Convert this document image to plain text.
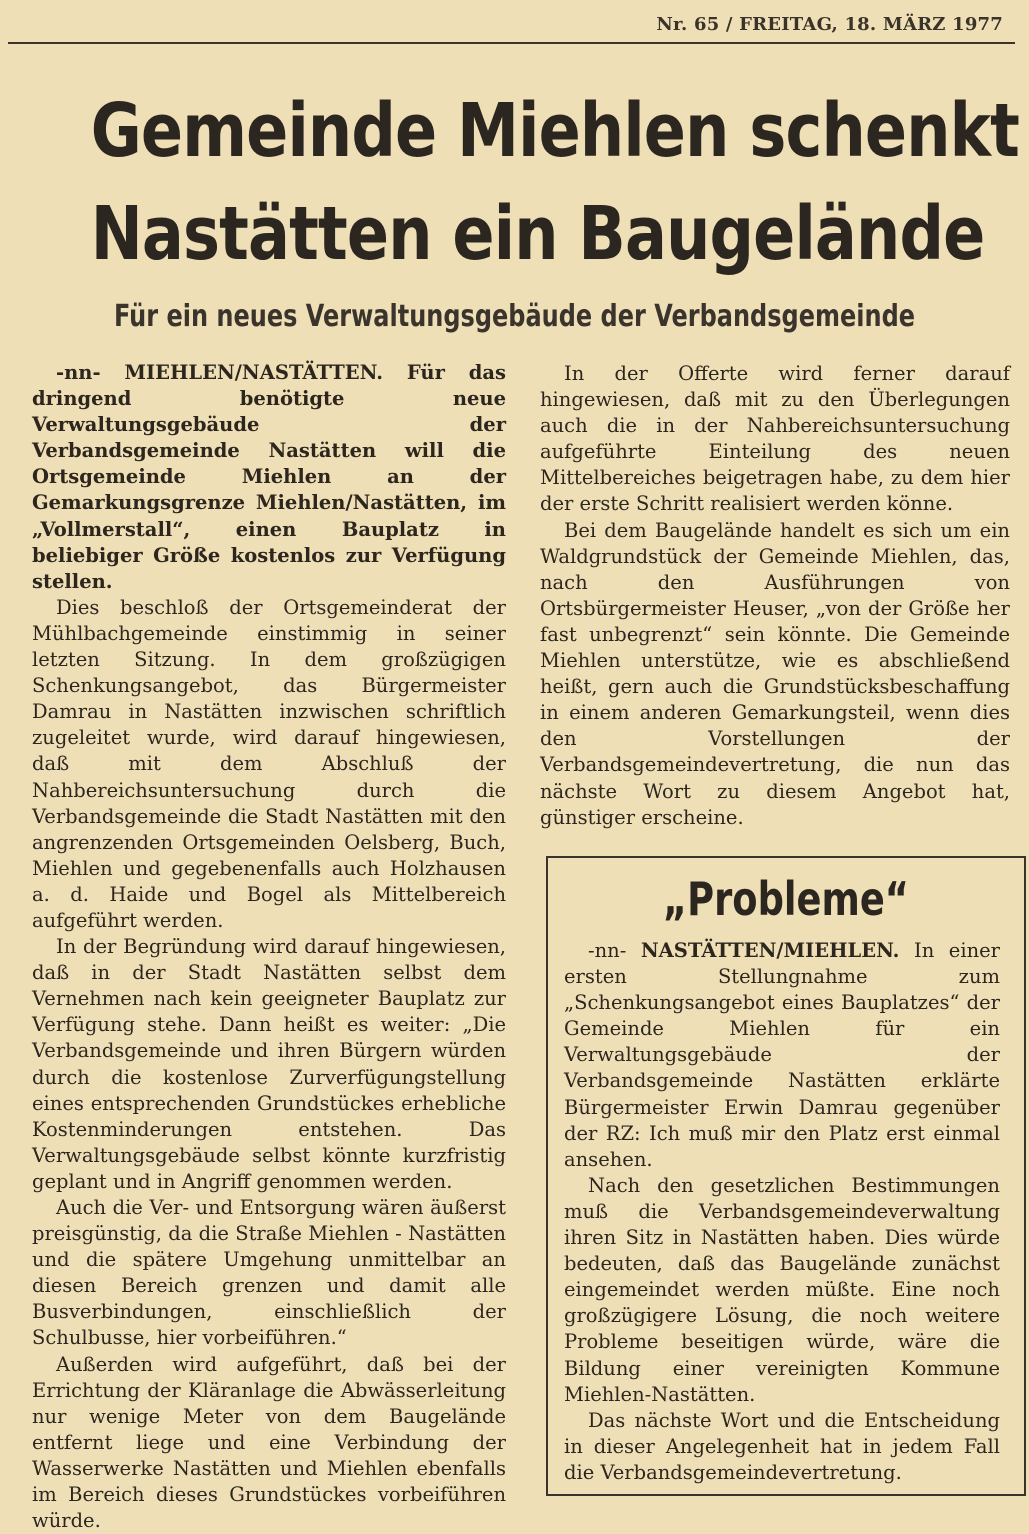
Nr. 65 / FREITAG, 18. MÄRZ 1977
Gemeinde Miehlen schenkt
Nastätten ein Baugelände
Für ein neues Verwaltungsgebäude der Verbandsgemeinde

-nn- MIEHLEN/NASTÄTTEN. Für das dringend benötigte neue Verwaltungsgebäude der Verbandsgemeinde Nastätten will die Ortsgemeinde Miehlen an der Gemarkungsgrenze Miehlen/Nastätten, im „Vollmerstall“, einen Bauplatz in beliebiger Größe kostenlos zur Verfügung stellen.

Dies beschloß der Ortsgemeinderat der Mühlbachgemeinde einstimmig in seiner letzten Sitzung. In dem großzügigen Schenkungsangebot, das Bürgermeister Damrau in Nastätten inzwischen schriftlich zugeleitet wurde, wird darauf hingewiesen, daß mit dem Abschluß der Nahbereichsuntersuchung durch die Verbandsgemeinde die Stadt Nastätten mit den angrenzenden Ortsgemeinden Oelsberg, Buch, Miehlen und gegebenenfalls auch Holzhausen a. d. Haide und Bogel als Mittelbereich aufgeführt werden.

In der Begründung wird darauf hingewiesen, daß in der Stadt Nastätten selbst dem Vernehmen nach kein geeigneter Bauplatz zur Verfügung stehe. Dann heißt es weiter: „Die Verbandsgemeinde und ihren Bürgern würden durch die kostenlose Zurverfügungstellung eines entsprechenden Grundstückes erhebliche Kostenminderungen entstehen. Das Verwaltungsgebäude selbst könnte kurzfristig geplant und in Angriff genommen werden.

Auch die Ver- und Entsorgung wären äußerst preisgünstig, da die Straße Miehlen - Nastätten und die spätere Umgehung unmittelbar an diesen Bereich grenzen und damit alle Busverbindungen, einschließlich der Schulbusse, hier vorbeiführen.“

Außerden wird aufgeführt, daß bei der Errichtung der Kläranlage die Abwässerleitung nur wenige Meter von dem Baugelände entfernt liege und eine Verbindung der Wasserwerke Nastätten und Miehlen ebenfalls im Bereich dieses Grundstückes vorbeiführen würde.

In der Offerte wird ferner darauf hingewiesen, daß mit zu den Überlegungen auch die in der Nahbereichsuntersuchung aufgeführte Einteilung des neuen Mittelbereiches beigetragen habe, zu dem hier der erste Schritt realisiert werden könne.

Bei dem Baugelände handelt es sich um ein Waldgrundstück der Gemeinde Miehlen, das, nach den Ausführungen von Ortsbürgermeister Heuser, „von der Größe her fast unbegrenzt“ sein könnte. Die Gemeinde Miehlen unterstütze, wie es abschließend heißt, gern auch die Grundstücksbeschaffung in einem anderen Gemarkungsteil, wenn dies den Vorstellungen der Verbandsgemeindevertretung, die nun das nächste Wort zu diesem Angebot hat, günstiger erscheine.

„Probleme“

-nn- NASTÄTTEN/MIEHLEN. In einer ersten Stellungnahme zum „Schenkungsangebot eines Bauplatzes“ der Gemeinde Miehlen für ein Verwaltungsgebäude der Verbandsgemeinde Nastätten erklärte Bürgermeister Erwin Damrau gegenüber der RZ: Ich muß mir den Platz erst einmal ansehen.

Nach den gesetzlichen Bestimmungen muß die Verbandsgemeindeverwaltung ihren Sitz in Nastätten haben. Dies würde bedeuten, daß das Baugelände zunächst eingemeindet werden müßte. Eine noch großzügigere Lösung, die noch weitere Probleme beseitigen würde, wäre die Bildung einer vereinigten Kommune Miehlen-Nastätten.

Das nächste Wort und die Entscheidung in dieser Angelegenheit hat in jedem Fall die Verbandsgemeindevertretung.
